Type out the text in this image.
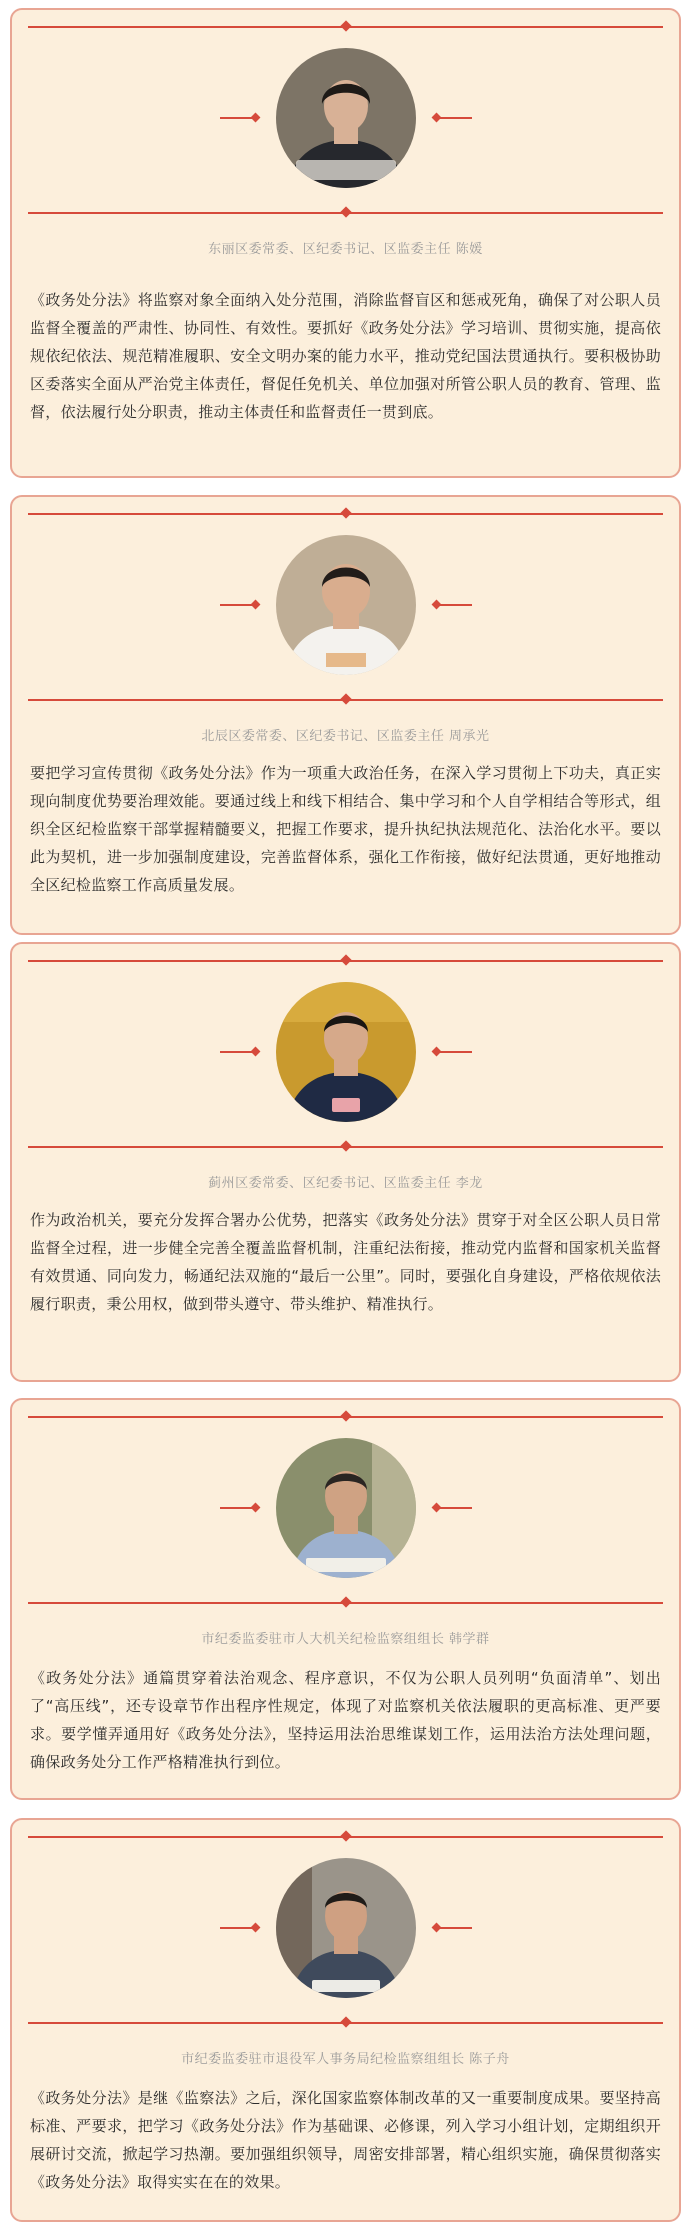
东丽区委常委、区纪委书记、区监委主任 陈媛
《政务处分法》将监察对象全面纳入处分范围，消除监督盲区和惩戒死角，确保了对公职人员监督全覆盖的严肃性、协同性、有效性。要抓好《政务处分法》学习培训、贯彻实施，提高依规依纪依法、规范精准履职、安全文明办案的能力水平，推动党纪国法贯通执行。要积极协助区委落实全面从严治党主体责任，督促任免机关、单位加强对所管公职人员的教育、管理、监督，依法履行处分职责，推动主体责任和监督责任一贯到底。
北辰区委常委、区纪委书记、区监委主任 周承光
要把学习宣传贯彻《政务处分法》作为一项重大政治任务，在深入学习贯彻上下功夫，真正实现向制度优势要治理效能。要通过线上和线下相结合、集中学习和个人自学相结合等形式，组织全区纪检监察干部掌握精髓要义，把握工作要求，提升执纪执法规范化、法治化水平。要以此为契机，进一步加强制度建设，完善监督体系，强化工作衔接，做好纪法贯通，更好地推动全区纪检监察工作高质量发展。
蓟州区委常委、区纪委书记、区监委主任 李龙
作为政治机关，要充分发挥合署办公优势，把落实《政务处分法》贯穿于对全区公职人员日常监督全过程，进一步健全完善全覆盖监督机制，注重纪法衔接，推动党内监督和国家机关监督有效贯通、同向发力，畅通纪法双施的“最后一公里”。同时，要强化自身建设，严格依规依法履行职责，秉公用权，做到带头遵守、带头维护、精准执行。
市纪委监委驻市人大机关纪检监察组组长 韩学群
《政务处分法》通篇贯穿着法治观念、程序意识，不仅为公职人员列明“负面清单”、划出了“高压线”，还专设章节作出程序性规定，体现了对监察机关依法履职的更高标准、更严要求。要学懂弄通用好《政务处分法》，坚持运用法治思维谋划工作，运用法治方法处理问题，确保政务处分工作严格精准执行到位。
市纪委监委驻市退役军人事务局纪检监察组组长 陈子舟
《政务处分法》是继《监察法》之后，深化国家监察体制改革的又一重要制度成果。要坚持高标准、严要求，把学习《政务处分法》作为基础课、必修课，列入学习小组计划，定期组织开展研讨交流，掀起学习热潮。要加强组织领导，周密安排部署，精心组织实施，确保贯彻落实《政务处分法》取得实实在在的效果。
